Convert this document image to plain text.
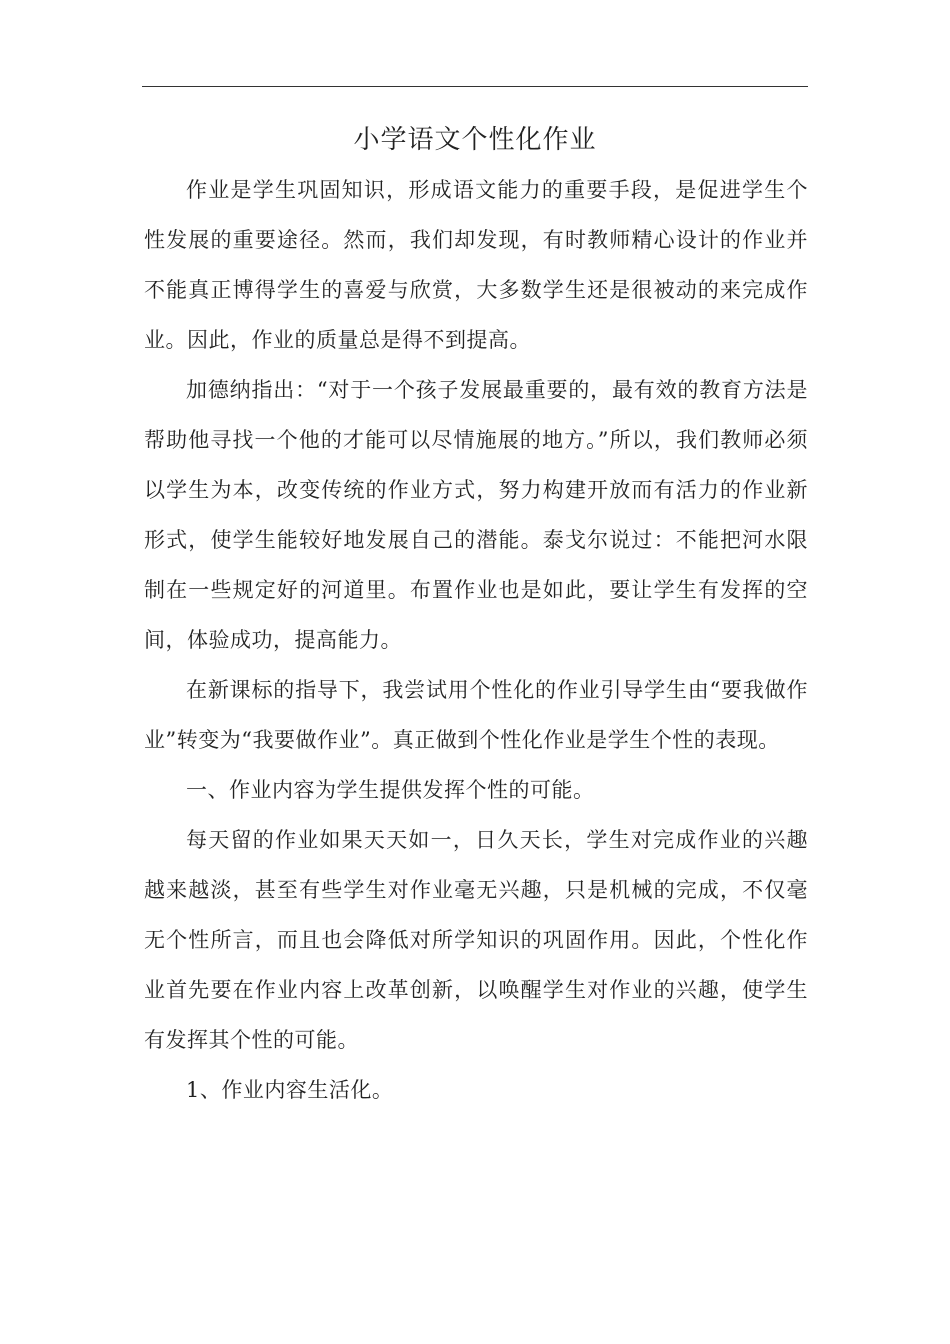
小学语文个性化作业

作业是学生巩固知识，形成语文能力的重要手段，是促进学生个性发展的重要途径。然而，我们却发现，有时教师精心设计的作业并不能真正博得学生的喜爱与欣赏，大多数学生还是很被动的来完成作业。因此，作业的质量总是得不到提高。

加德纳指出：“对于一个孩子发展最重要的，最有效的教育方法是帮助他寻找一个他的才能可以尽情施展的地方。”所以，我们教师必须以学生为本，改变传统的作业方式，努力构建开放而有活力的作业新形式，使学生能较好地发展自己的潜能。泰戈尔说过：不能把河水限制在一些规定好的河道里。布置作业也是如此，要让学生有发挥的空间，体验成功，提高能力。

在新课标的指导下，我尝试用个性化的作业引导学生由“要我做作业”转变为“我要做作业”。真正做到个性化作业是学生个性的表现。

一、作业内容为学生提供发挥个性的可能。

每天留的作业如果天天如一，日久天长，学生对完成作业的兴趣越来越淡，甚至有些学生对作业毫无兴趣，只是机械的完成，不仅毫无个性所言，而且也会降低对所学知识的巩固作用。因此，个性化作业首先要在作业内容上改革创新，以唤醒学生对作业的兴趣，使学生有发挥其个性的可能。

1、作业内容生活化。
